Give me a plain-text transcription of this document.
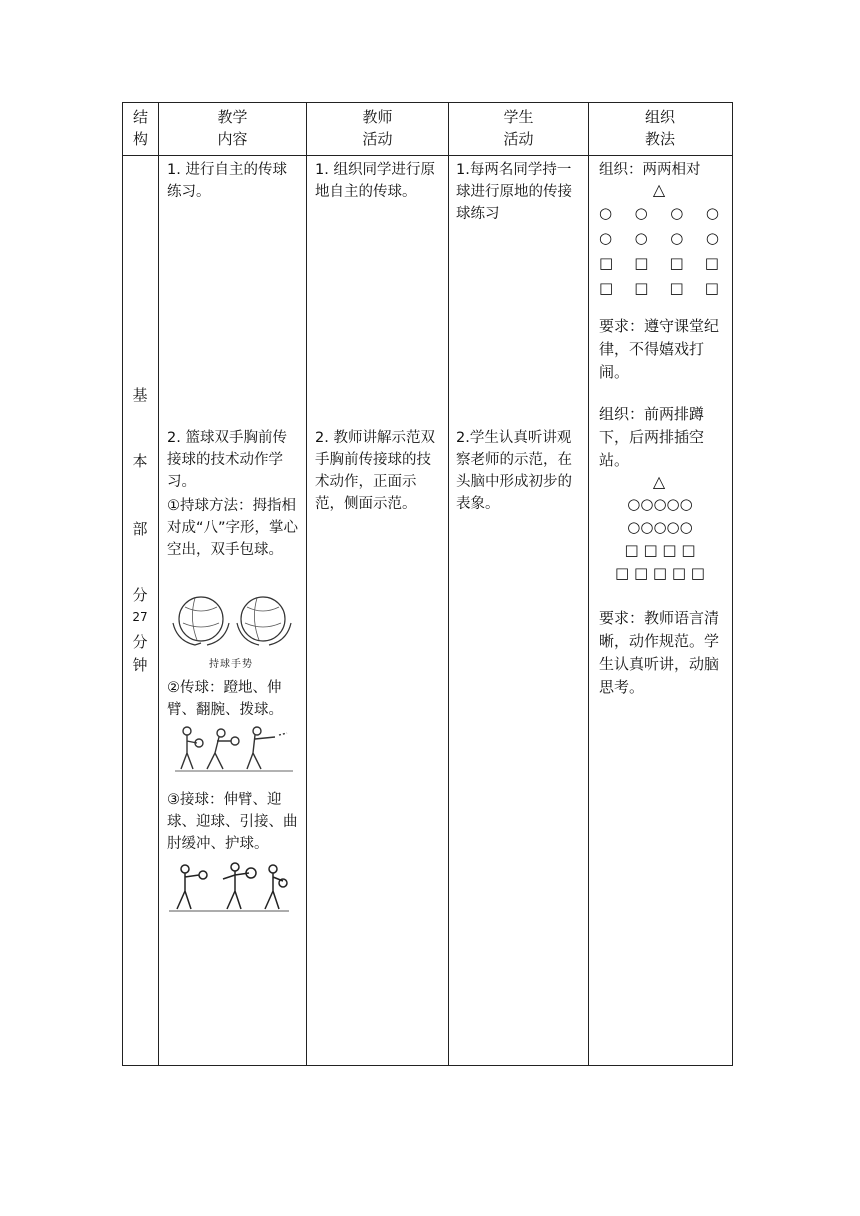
结
构
教学
内容
教师
活动
学生
活动
组织
教法
基
本
部
分
27
分
钟
1. 进行自主的传球练习。
2. 篮球双手胸前传接球的技术动作学习。
①持球方法：拇指相对成“八”字形，掌心空出，双手包球。
持球手势
②传球：蹬地、伸臂、翻腕、拨球。
③接球：伸臂、迎球、迎球、引接、曲肘缓冲、护球。
1. 组织同学进行原地自主的传球。
2. 教师讲解示范双手胸前传接球的技术动作，正面示范，侧面示范。
1.每两名同学持一球进行原地的传接球练习
2.学生认真听讲观察老师的示范，在头脑中形成初步的表象。
组织：两两相对
△
○ ○ ○ ○
○ ○ ○ ○
□ □ □ □
□ □ □ □
要求：遵守课堂纪律，不得嬉戏打闹。
组织：前两排蹲下，后两排插空站。
△
○○○○○
○○○○○
□ □ □ □
□ □ □ □ □
要求：教师语言清晰，动作规范。学生认真听讲，动脑思考。
